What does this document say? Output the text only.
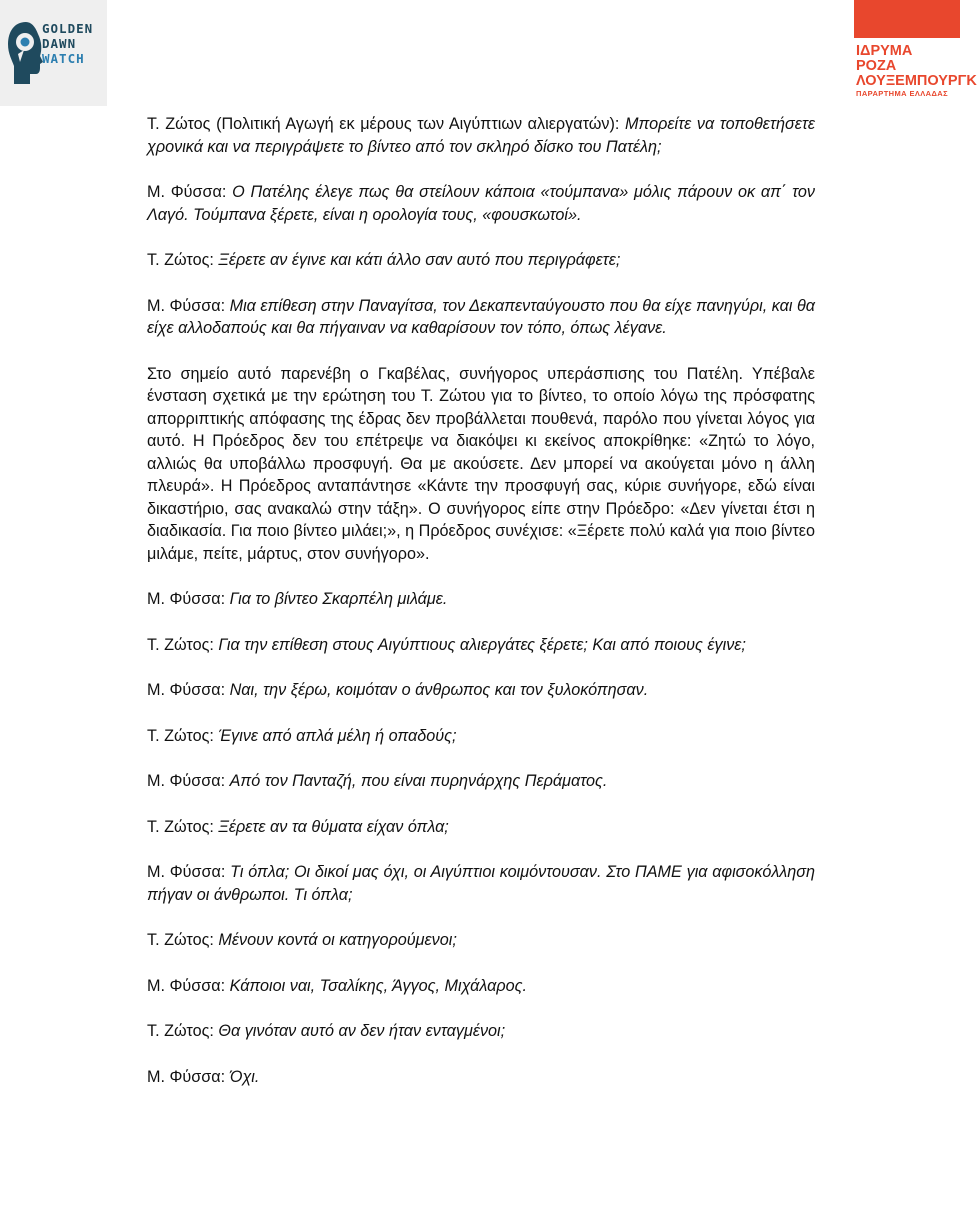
GOLDEN
DAWN
WATCH	ΙΔΡΥΜΑ
ΡΟΖΑ
ΛΟΥΞΕΜΠΟΥΡΓΚ
ΠΑΡΑΡΤΗΜΑ ΕΛΛΑΔΑΣ

Τ. Ζώτος (Πολιτική Αγωγή εκ μέρους των Αιγύπτιων αλιεργατών): Μπορείτε να τοποθετήσετε χρονικά και να περιγράψετε το βίντεο από τον σκληρό δίσκο του Πατέλη;

Μ. Φύσσα: Ο Πατέλης έλεγε πως θα στείλουν κάποια «τούμπανα» μόλις πάρουν οκ απ΄ τον Λαγό. Τούμπανα ξέρετε, είναι η ορολογία τους, «φουσκωτοί».

Τ. Ζώτος: Ξέρετε αν έγινε και κάτι άλλο σαν αυτό που περιγράφετε;

Μ. Φύσσα: Μια επίθεση στην Παναγίτσα, τον Δεκαπενταύγουστο που θα είχε πανηγύρι, και θα είχε αλλοδαπούς και θα πήγαιναν να καθαρίσουν τον τόπο, όπως λέγανε.

Στο σημείο αυτό παρενέβη ο Γκαβέλας, συνήγορος υπεράσπισης του Πατέλη. Υπέβαλε ένσταση σχετικά με την ερώτηση του Τ. Ζώτου για το βίντεο, το οποίο λόγω της πρόσφατης απορριπτικής απόφασης της έδρας δεν προβάλλεται πουθενά, παρόλο που γίνεται λόγος για αυτό. Η Πρόεδρος δεν του επέτρεψε να διακόψει κι εκείνος αποκρίθηκε: «Ζητώ το λόγο, αλλιώς θα υποβάλλω προσφυγή. Θα με ακούσετε. Δεν μπορεί να ακούγεται μόνο η άλλη πλευρά». Η Πρόεδρος ανταπάντησε «Κάντε την προσφυγή σας, κύριε συνήγορε, εδώ είναι δικαστήριο, σας ανακαλώ στην τάξη». Ο συνήγορος είπε στην Πρόεδρο: «Δεν γίνεται έτσι η διαδικασία. Για ποιο βίντεο μιλάει;», η Πρόεδρος συνέχισε: «Ξέρετε πολύ καλά για ποιο βίντεο μιλάμε, πείτε, μάρτυς, στον συνήγορο».

Μ. Φύσσα: Για το βίντεο Σκαρπέλη μιλάμε.

Τ. Ζώτος: Για την επίθεση στους Αιγύπτιους αλιεργάτες ξέρετε; Και από ποιους έγινε;

Μ. Φύσσα: Ναι, την ξέρω, κοιμόταν ο άνθρωπος και τον ξυλοκόπησαν.

Τ. Ζώτος: Έγινε από απλά μέλη ή οπαδούς;

Μ. Φύσσα: Από τον Πανταζή, που είναι πυρηνάρχης Περάματος.

Τ. Ζώτος: Ξέρετε αν τα θύματα είχαν όπλα;

Μ. Φύσσα: Τι όπλα; Οι δικοί μας όχι, οι Αιγύπτιοι κοιμόντουσαν. Στο ΠΑΜΕ για αφισοκόλληση πήγαν οι άνθρωποι. Τι όπλα;

Τ. Ζώτος: Μένουν κοντά οι κατηγορούμενοι;

Μ. Φύσσα: Κάποιοι ναι, Τσαλίκης, Άγγος, Μιχάλαρος.

Τ. Ζώτος: Θα γινόταν αυτό αν δεν ήταν ενταγμένοι;

Μ. Φύσσα: Όχι.
